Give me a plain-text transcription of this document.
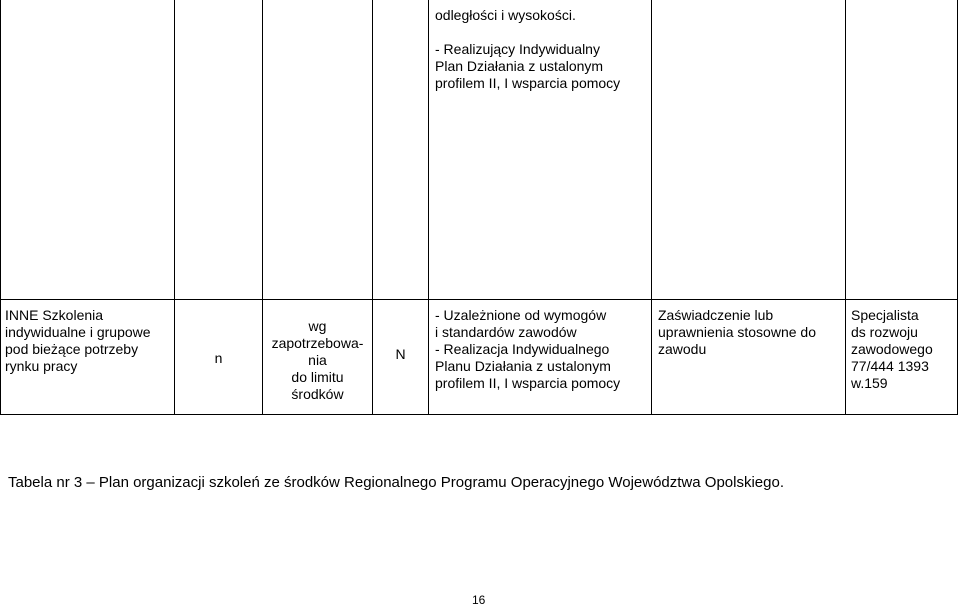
odległości i wysokości.
- Realizujący Indywidualny
Plan Działania z ustalonym
profilem II, I wsparcia pomocy
INNE Szkolenia
indywidualne i grupowe
pod bieżące potrzeby
rynku pracy	n
wg
zapotrzebowa-
nia
do limitu
środków
N
- Uzależnione od wymogów
i standardów zawodów
- Realizacja Indywidualnego
Planu Działania z ustalonym
profilem II, I wsparcia pomocy
Zaświadczenie lub
uprawnienia stosowne do
zawodu
Specjalista
ds rozwoju
zawodowego
77/444 1393
w.159
Tabela nr 3 – Plan organizacji szkoleń ze środków Regionalnego Programu Operacyjnego Województwa Opolskiego.
16
